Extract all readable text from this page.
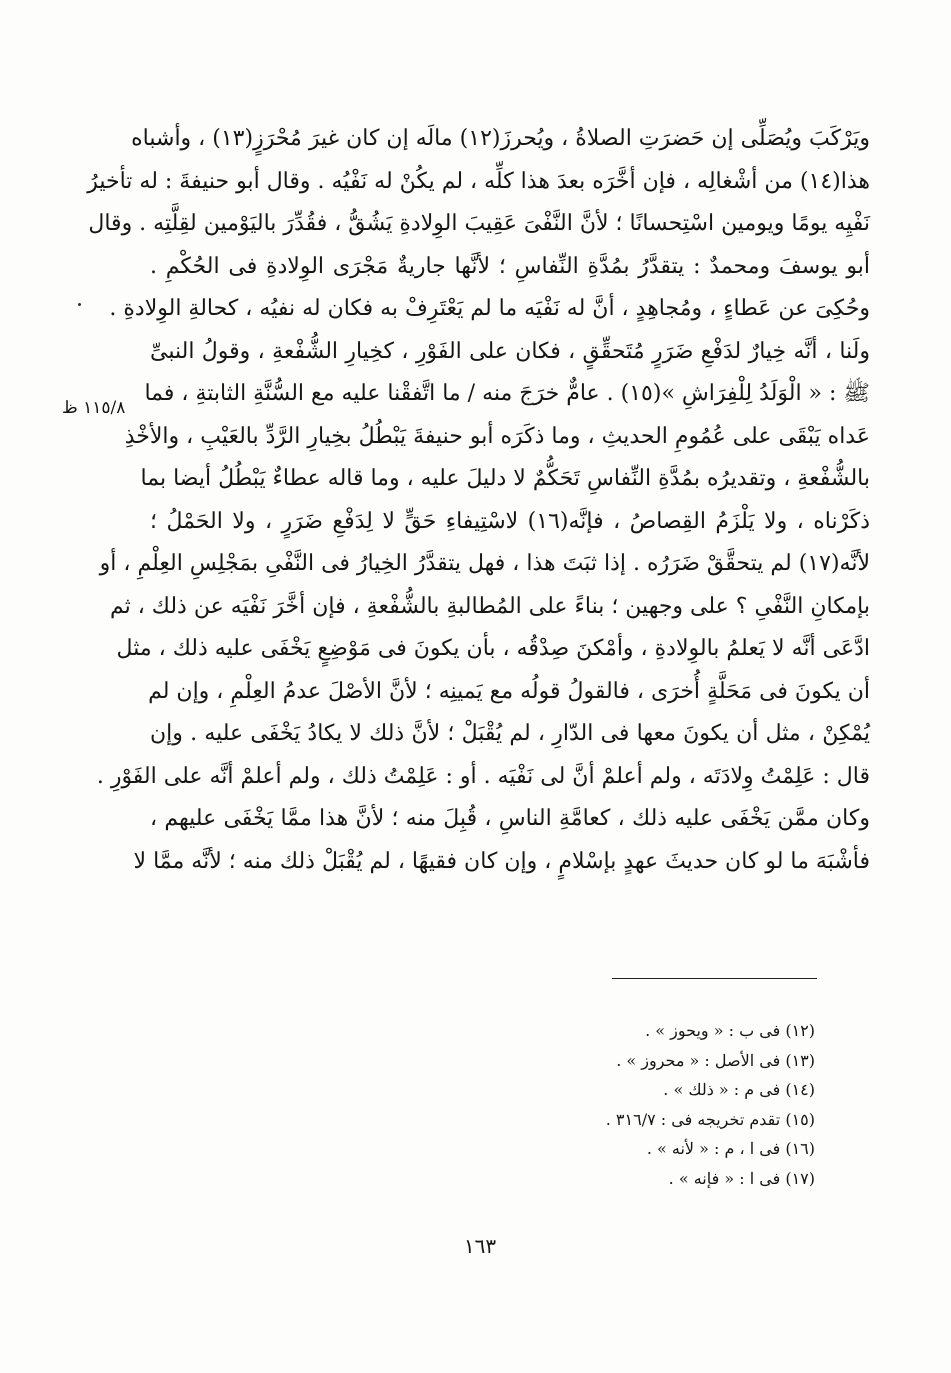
ويَرْكَبَ ويُصَلِّى إن حَضرَتِ الصلاةُ ، ويُحرزَ(١٢) مالَه إن كان غيرَ مُحْرَزٍ(١٣) ، وأشباه
هذا(١٤) من أشْغالِه ، فإن أخَّرَه بعدَ هذا كلِّه ، لم يكُنْ له نَفْيُه . وقال أبو حنيفةَ : له تأخيرُ
نَفْيِه يومًا ويومين اسْتِحسانًا ؛ لأنَّ النَّفْىَ عَقِيبَ الوِلادةِ يَشُقُّ ، فقُدِّرَ باليَوْمين لقِلَّتِه . وقال
أبو يوسفَ ومحمدٌ : يتقدَّرُ بمُدَّةِ النِّفاسِ ؛ لأنَّها جاريةٌ مَجْرَى الوِلادةِ فى الحُكْمِ .
وحُكِىَ عن عَطاءٍ ، ومُجاهِدٍ ، أنَّ له نَفْيَه ما لم يَعْتَرِفْ به فكان له نفيُه ، كحالةِ الوِلادةِ .
ولَنا ، أنَّه خِيارٌ لدَفْعِ ضَرَرٍ مُتَحقِّقٍ ، فكان على الفَوْرِ ، كخِيارِ الشُّفْعةِ ، وقولُ النبىِّ
ﷺ : « الْوَلَدُ لِلْفِرَاشِ »(١٥) . عامٌّ خرَجَ منه / ما اتَّفقْنا عليه مع السُّنَّةِ الثابتةِ ، فما
عَداه يَبْقَى على عُمُومِ الحديثِ ، وما ذكَرَه أبو حنيفةَ يَبْطُلُ بخِيارِ الرَّدِّ بالعَيْبِ ، والأخْذِ
بالشُّفْعةِ ، وتقديرُه بمُدَّةِ النِّفاسِ تَحَكُّمٌ لا دليلَ عليه ، وما قاله عطاءٌ يَبْطُلُ أيضا بما
ذكَرْناه ، ولا يَلْزَمُ القِصاصُ ، فإنَّه(١٦) لاسْتِيفاءِ حَقٍّ لا لِدَفْعِ ضَرَرٍ ، ولا الحَمْلُ ؛
لأنَّه(١٧) لم يتحقَّقْ ضَرَرُه . إذا ثبَتَ هذا ، فهل يتقدَّرُ الخِيارُ فى النَّفْىِ بمَجْلِسِ العِلْمِ ، أو
بإمكانِ النَّفْىِ ؟ على وجهين ؛ بناءً على المُطالبةِ بالشُّفْعةِ ، فإن أخَّرَ نَفْيَه عن ذلك ، ثم
ادَّعَى أنَّه لا يَعلمُ بالوِلادةِ ، وأمْكنَ صِدْقُه ، بأن يكونَ فى مَوْضِعٍ يَخْفَى عليه ذلك ، مثل
أن يكونَ فى مَحَلَّةٍ أُخرَى ، فالقولُ قولُه مع يَمينِه ؛ لأنَّ الأصْلَ عدمُ العِلْمِ ، وإن لم
يُمْكِنْ ، مثل أن يكونَ معها فى الدّارِ ، لم يُقْبَلْ ؛ لأنَّ ذلك لا يكادُ يَخْفَى عليه . وإن
قال : عَلِمْتُ وِلادَتَه ، ولم أعلمْ أنَّ لى نَفْيَه . أو : عَلِمْتُ ذلك ، ولم أعلمْ أنَّه على الفَوْرِ .
وكان ممَّن يَخْفَى عليه ذلك ، كعامَّةِ الناسِ ، قُبِلَ منه ؛ لأنَّ هذا ممَّا يَخْفَى عليهم ،
فأشْبَهَ ما لو كان حديثَ عهدٍ بإسْلامٍ ، وإن كان فقيهًا ، لم يُقْبَلْ ذلك منه ؛ لأنَّه ممَّا لا
١١٥/٨ ظ
(١٢) فى ب : « ويحوز » .
(١٣) فى الأصل : « محروز » .
(١٤) فى م : « ذلك » .
(١٥) تقدم تخريجه فى : ٣١٦/٧ .
(١٦) فى ا ، م : « لأنه » .
(١٧) فى ا : « فإنه » .
١٦٣
